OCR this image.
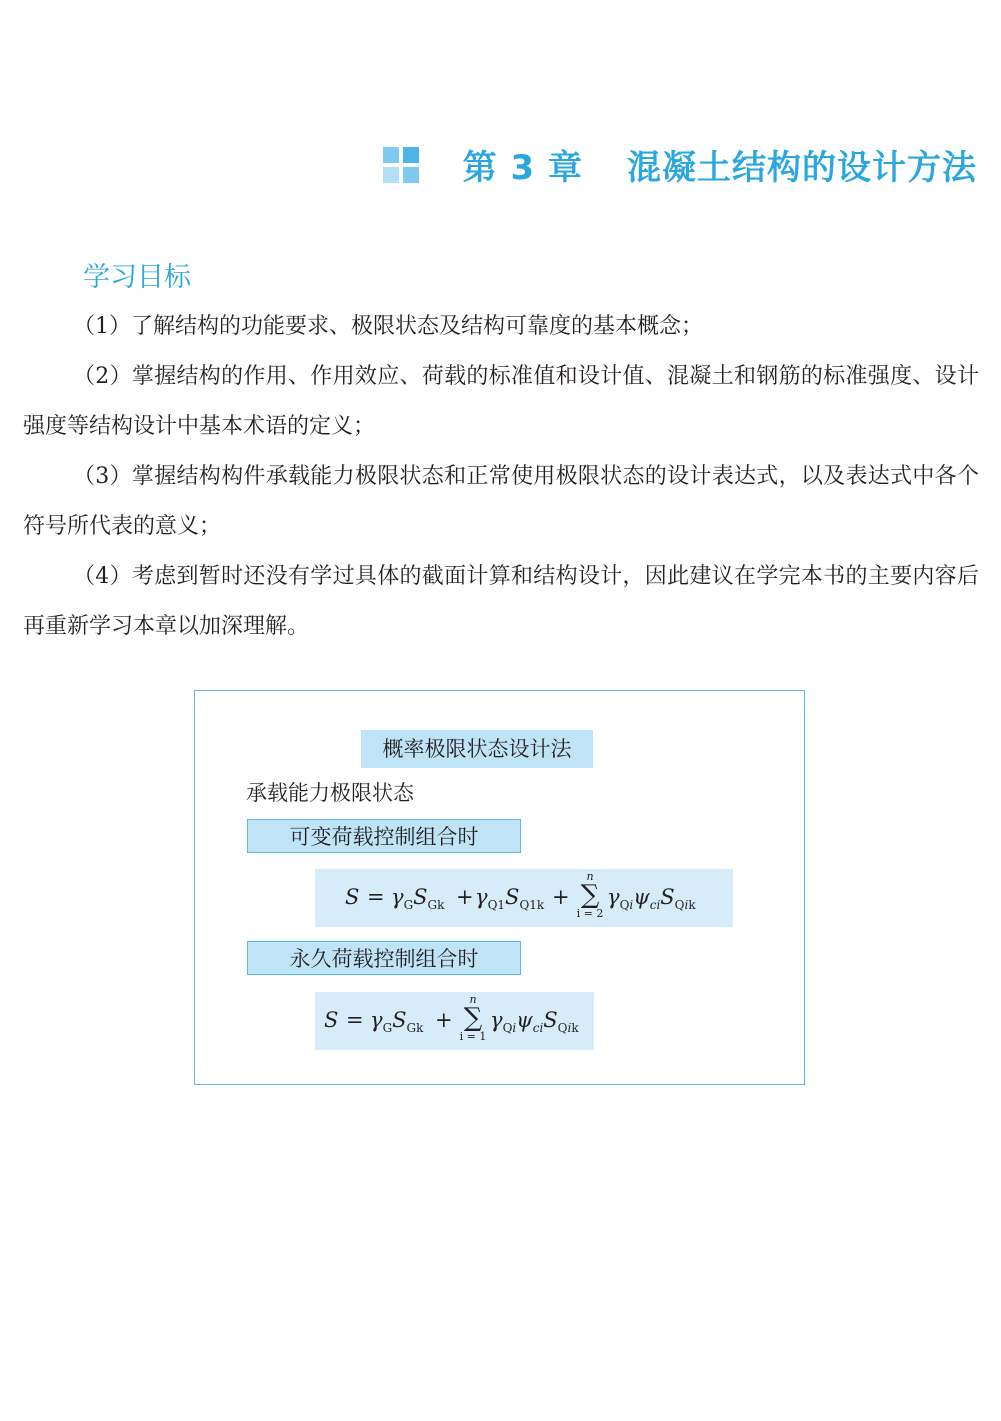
第 3 章 混凝土结构的设计方法
学习目标

（1）了解结构的功能要求、极限状态及结构可靠度的基本概念；

（2）掌握结构的作用、作用效应、荷载的标准值和设计值、混凝土和钢筋的标准强度、设计强度等结构设计中基本术语的定义；

（3）掌握结构构件承载能力极限状态和正常使用极限状态的设计表达式，以及表达式中各个符号所代表的意义；

（4）考虑到暂时还没有学过具体的截面计算和结构设计，因此建议在学完本书的主要内容后再重新学习本章以加深理解。

概率极限状态设计法
承载能力极限状态
可变荷载控制组合时
$S = \gamma_GS_{Gk} + \gamma_{Q1}S_{Q1k}$ +
n
∑
i = 2
$\gamma_{Qi}\psi_{ci}S_{Qik}$
永久荷载控制组合时
$S = \gamma_GS_{Gk}$ +
n
∑
i = 1
$\gamma_{Qi}\psi_{ci}S_{Qik}$
